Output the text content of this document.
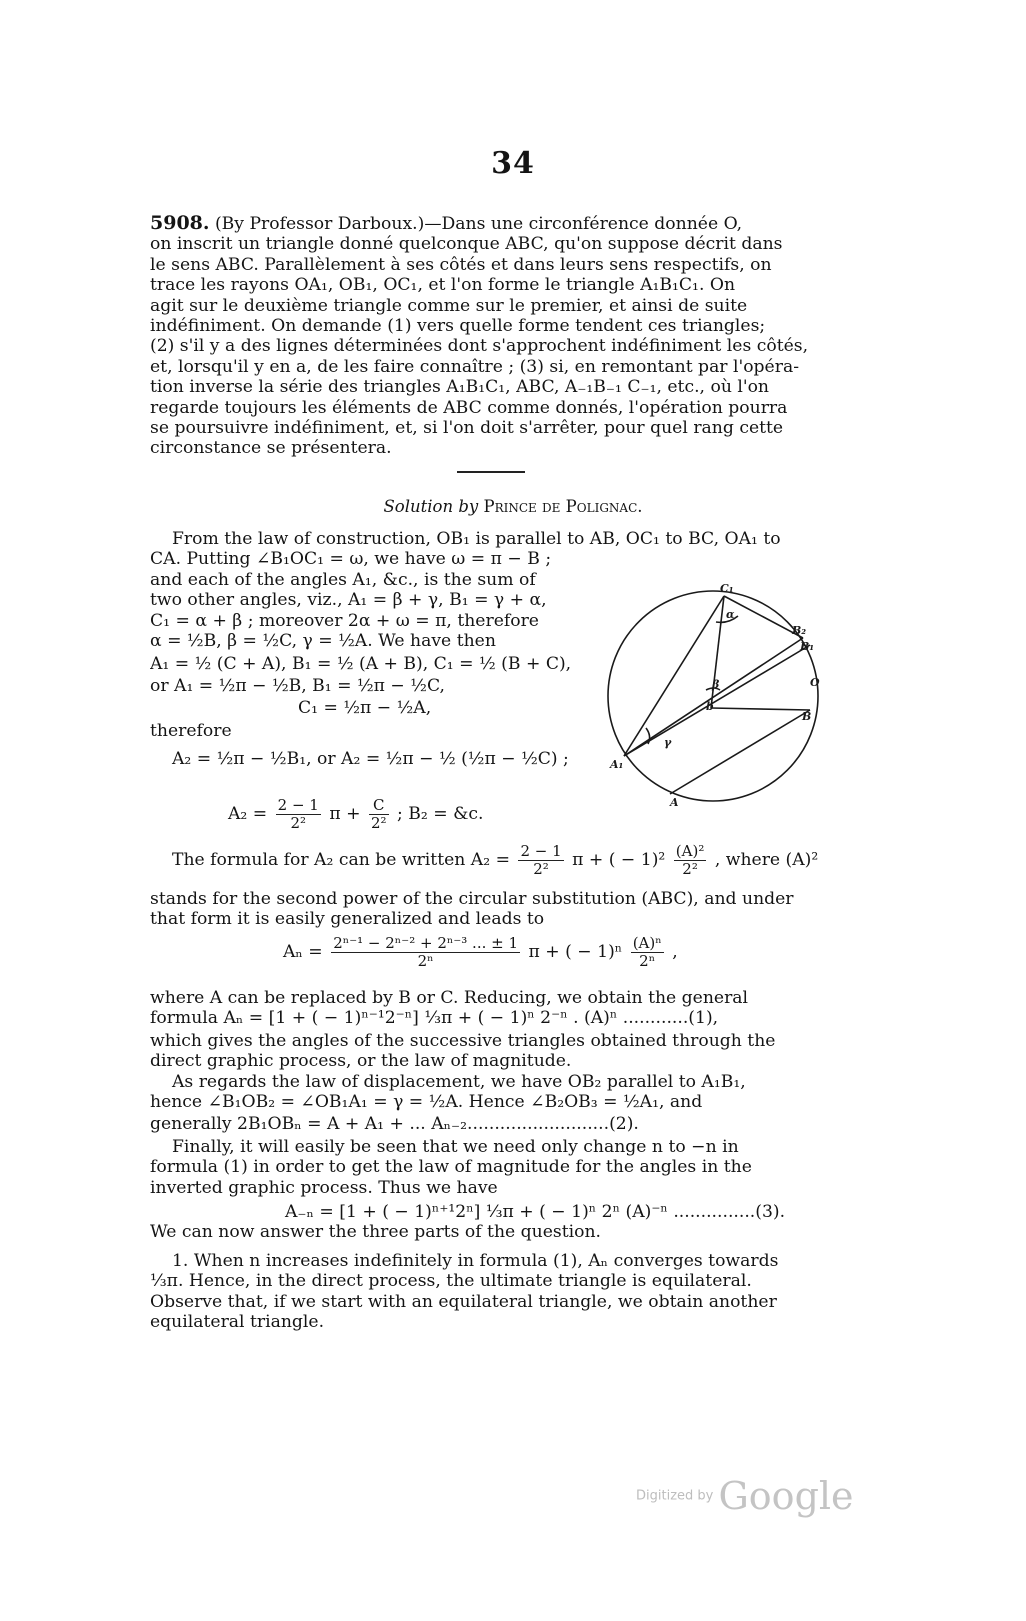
34
5908. (By Professor Darboux.)—Dans une circonférence donnée O,
on inscrit un triangle donné quelconque ABC, qu'on suppose décrit dans
le sens ABC. Parallèlement à ses côtés et dans leurs sens respectifs, on
trace les rayons OA₁, OB₁, OC₁, et l'on forme le triangle A₁B₁C₁. On
agit sur le deuxième triangle comme sur le premier, et ainsi de suite
indéfiniment. On demande (1) vers quelle forme tendent ces triangles;
(2) s'il y a des lignes déterminées dont s'approchent indéfiniment les côtés,
et, lorsqu'il y en a, de les faire connaître ; (3) si, en remontant par l'opéra-
tion inverse la série des triangles A₁B₁C₁, ABC, A₋₁B₋₁ C₋₁, etc., où l'on
regarde toujours les éléments de ABC comme donnés, l'opération pourra
se poursuivre indéfiniment, et, si l'on doit s'arrêter, pour quel rang cette
circonstance se présentera.
Solution by Prince de Polignac.
From the law of construction, OB₁ is parallel to AB, OC₁ to BC, OA₁ to
CA. Putting ∠B₁OC₁ = ω, we have ω = π − B ;
and each of the angles A₁, &c., is the sum of
two other angles, viz., A₁ = β + γ, B₁ = γ + α,
C₁ = α + β ; moreover 2α + ω = π, therefore
α = ½B, β = ½C, γ = ½A. We have then
A₁ = ½ (C + A), B₁ = ½ (A + B), C₁ = ½ (B + C),
or A₁ = ½π − ½B, B₁ = ½π − ½C,
C₁ = ½π − ½A,
therefore
A₂ = ½π − ½B₁, or A₂ = ½π − ½ (½π − ½C) ;
$A_2 = \frac{2 - 1}{\text{2²}}$ $\pi + \frac{C}{\text{2²}}$ ; B₂ = &c.
The formula for A₂ can be written $A_2 = \frac{2 - 1}{\text{2²}}$ π + ( − $1)^2 \frac{\text{(A)²}}{\text{2²}}$ , where (A)²
stands for the second power of the circular substitution (ABC), and under
that form it is easily generalized and leads to
$A_n = \frac{\text{2ⁿ⁻¹ − 2ⁿ⁻² + 2ⁿ⁻³ ... ± 1}}{\text{2ⁿ}}$ π + ( − $1)^n \frac{\text{(A)ⁿ}}{\text{2ⁿ}}$ ,
where A can be replaced by B or C. Reducing, we obtain the general
formula Aₙ = [1 + ( − 1)ⁿ⁻¹2⁻ⁿ] ⅓π + ( − 1)ⁿ 2⁻ⁿ . (A)ⁿ ............(1),
which gives the angles of the successive triangles obtained through the
direct graphic process, or the law of magnitude.
As regards the law of displacement, we have OB₂ parallel to A₁B₁,
hence ∠B₁OB₂ = ∠OB₁A₁ = γ = ½A. Hence ∠B₂OB₃ = ½A₁, and
generally 2B₁OBₙ = A + A₁ + ... Aₙ₋₂..........................(2).
Finally, it will easily be seen that we need only change n to −n in
formula (1) in order to get the law of magnitude for the angles in the
inverted graphic process. Thus we have
A₋ₙ = [1 + ( − 1)ⁿ⁺¹2ⁿ] ⅓π + ( − 1)ⁿ 2ⁿ (A)⁻ⁿ ...............(3).
We can now answer the three parts of the question.
1. When n increases indefinitely in formula (1), Aₙ converges towards
⅓π. Hence, in the direct process, the ultimate triangle is equilateral.
Observe that, if we start with an equilateral triangle, we obtain another
equilateral triangle.
C₁
B₂
B₁
O
B
A₁
A
b
α
β
γ
Digitized by Google
